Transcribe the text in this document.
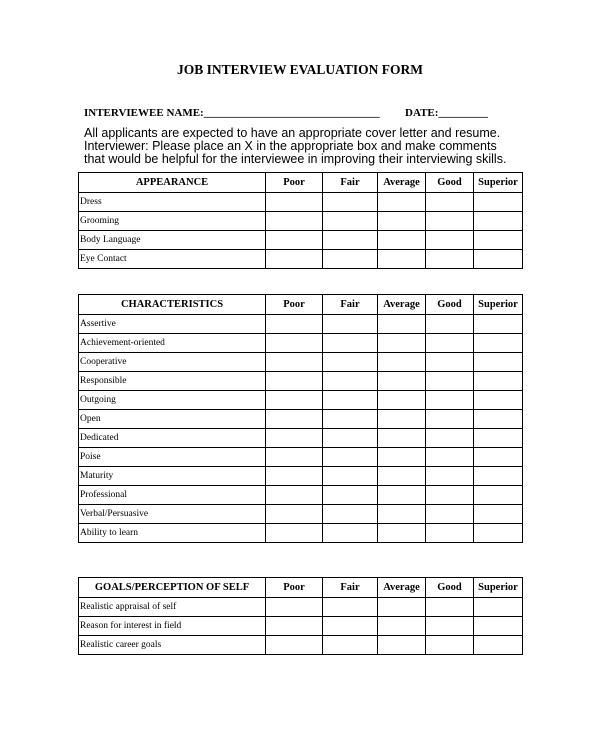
JOB INTERVIEW EVALUATION FORM
INTERVIEWEE NAME:________________________________ DATE:_________
All applicants are expected to have an appropriate cover letter and resume.
Interviewer: Please place an X in the appropriate box and make comments
that would be helpful for the interviewee in improving their interviewing skills.
APPEARANCE	Poor	Fair	Average	Good	Superior
Dress					
Grooming					
Body Language					
Eye Contact					
CHARACTERISTICS	Poor	Fair	Average	Good	Superior
Assertive					
Achievement-oriented					
Cooperative					
Responsible					
Outgoing					
Open					
Dedicated					
Poise					
Maturity					
Professional					
Verbal/Persuasive					
Ability to learn					
GOALS/PERCEPTION OF SELF	Poor	Fair	Average	Good	Superior
Realistic appraisal of self					
Reason for interest in field					
Realistic career goals					
